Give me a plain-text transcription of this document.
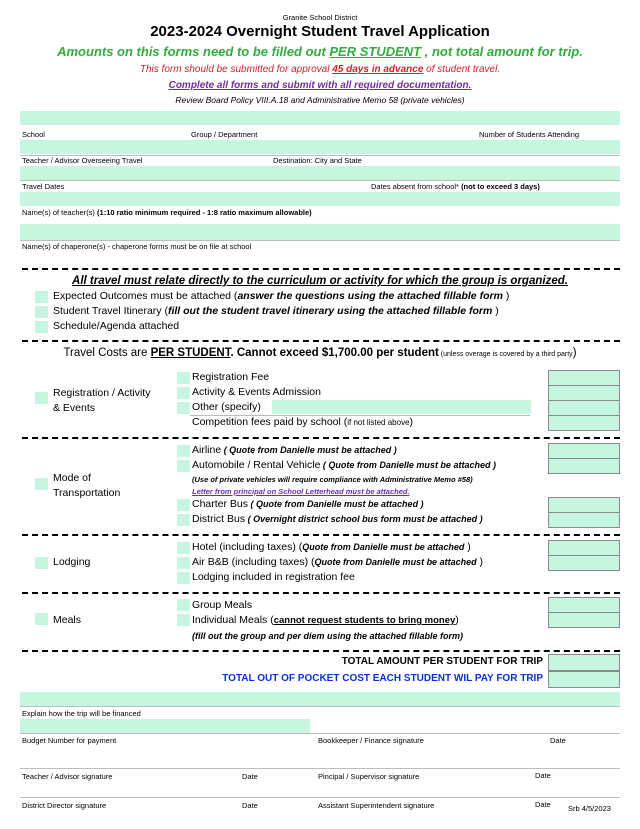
Granite School District
2023-2024 Overnight Student Travel Application
Amounts on this forms need to be filled out PER STUDENT , not total amount for trip.
This form should be submitted for approval 45 days in advance of student travel.
Complete all forms and submit with all required documentation.
Review Board Policy VIII.A.18 and Administrative Memo 58 (private vehicles)
School	Group / Department	Number of Students Attending
Teacher / Advisor Overseeing Travel	Destination: City and State
Travel Dates	Dates absent from school* (not to exceed 3 days)
Name(s) of teacher(s) (1:10 ratio minimum required - 1:8 ratio maximum allowable)
Name(s) of chaperone(s) - chaperone forms must be on file at school
All travel must relate directly to the curriculum or activity for which the group is organized.
Expected Outcomes must be attached (answer the questions using the attached fillable form )
Student Travel Itinerary (fill out the student travel itinerary using the attached fillable form )
Schedule/Agenda attached
Travel Costs are PER STUDENT. Cannot exceed $1,700.00 per student (unless overage is covered by a third party)
Registration / Activity
& Events
Registration Fee
Activity & Events Admission
Other (specify)
Competition fees paid by school (if not listed above)
Mode of
Transportation
Airline ( Quote from Danielle must be attached )
Automobile / Rental Vehicle ( Quote from Danielle must be attached )
(Use of private vehicles will require compliance with Administrative Memo #58)
Letter from principal on School Letterhead must be attached.
Charter Bus ( Quote from Danielle must be attached )
District Bus ( Overnight district school bus form must be attached )
Lodging
Hotel (including taxes) (Quote from Danielle must be attached )
Air B&B (including taxes) (Quote from Danielle must be attached )
Lodging included in registration fee
Meals
Group Meals
Individual Meals (cannot request students to bring money)
(fill out the group and per diem using the attached fillable form)
TOTAL AMOUNT PER STUDENT FOR TRIP
TOTAL OUT OF POCKET COST EACH STUDENT WIL PAY FOR TRIP
Explain how the trip will be financed
Budget Number for payment	Bookkeeper / Finance signature	Date
Teacher / Advisor signature	Date	Pincipal / Supervisor signature	Date
District Director signature	Date	Assistant Superintendent signature	Date Srb 4/5/2023
